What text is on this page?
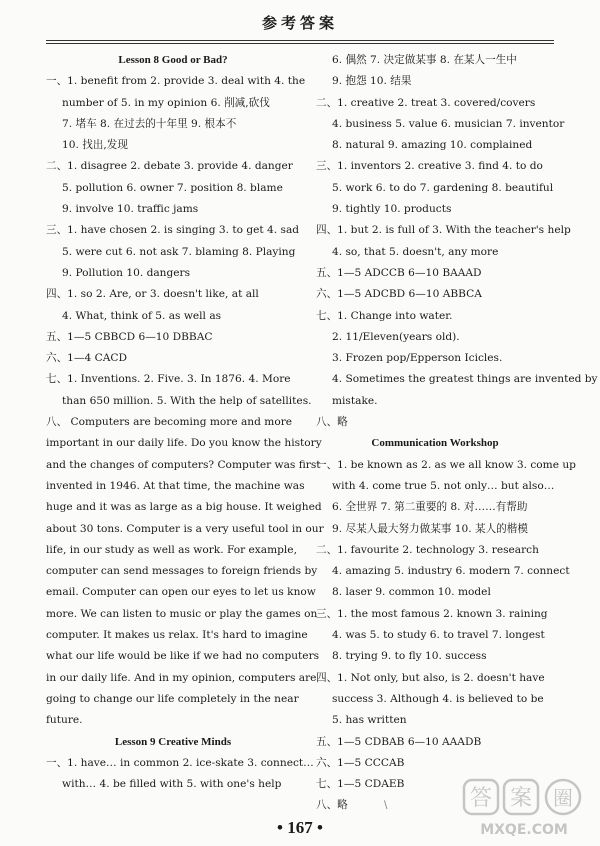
参考答案
Lesson 8 Good or Bad?
一、1. benefit from 2. provide 3. deal with 4. the
number of 5. in my opinion 6. 削减,砍伐
7. 堵车 8. 在过去的十年里 9. 根本不
10. 找出,发现
二、1. disagree 2. debate 3. provide 4. danger
5. pollution 6. owner 7. position 8. blame
9. involve 10. traffic jams
三、1. have chosen 2. is singing 3. to get 4. sad
5. were cut 6. not ask 7. blaming 8. Playing
9. Pollution 10. dangers
四、1. so 2. Are, or 3. doesn't like, at all
4. What, think of 5. as well as
五、1—5 CBBCD 6—10 DBBAC
六、1—4 CACD
七、1. Inventions. 2. Five. 3. In 1876. 4. More
than 650 million. 5. With the help of satellites.
八、 Computers are becoming more and more
important in our daily life. Do you know the history
and the changes of computers? Computer was first
invented in 1946. At that time, the machine was
huge and it was as large as a big house. It weighed
about 30 tons. Computer is a very useful tool in our
life, in our study as well as work. For example,
computer can send messages to foreign friends by
email. Computer can open our eyes to let us know
more. We can listen to music or play the games on
computer. It makes us relax. It's hard to imagine
what our life would be like if we had no computers
in our daily life. And in my opinion, computers are
going to change our life completely in the near
future.
Lesson 9 Creative Minds
一、1. have… in common 2. ice-skate 3. connect…
with… 4. be filled with 5. with one's help
6. 偶然 7. 决定做某事 8. 在某人一生中
9. 抱怨 10. 结果
二、1. creative 2. treat 3. covered/covers
4. business 5. value 6. musician 7. inventor
8. natural 9. amazing 10. complained
三、1. inventors 2. creative 3. find 4. to do
5. work 6. to do 7. gardening 8. beautiful
9. tightly 10. products
四、1. but 2. is full of 3. With the teacher's help
4. so, that 5. doesn't, any more
五、1—5 ADCCB 6—10 BAAAD
六、1—5 ADCBD 6—10 ABBCA
七、1. Change into water.
2. 11/Eleven(years old).
3. Frozen pop/Epperson Icicles.
4. Sometimes the greatest things are invented by
mistake.
八、略
Communication Workshop
一、1. be known as 2. as we all know 3. come up
with 4. come true 5. not only… but also…
6. 全世界 7. 第二重要的 8. 对……有帮助
9. 尽某人最大努力做某事 10. 某人的楷模
二、1. favourite 2. technology 3. research
4. amazing 5. industry 6. modern 7. connect
8. laser 9. common 10. model
三、1. the most famous 2. known 3. raining
4. was 5. to study 6. to travel 7. longest
8. trying 9. to fly 10. success
四、1. Not only, but also, is 2. doesn't have
success 3. Although 4. is believed to be
5. has written
五、1—5 CDBAB 6—10 AAADB
六、1—5 CCCAB
七、1—5 CDAEB
八、略	\
• 167 •
答 案 圈
MXQE.COM
